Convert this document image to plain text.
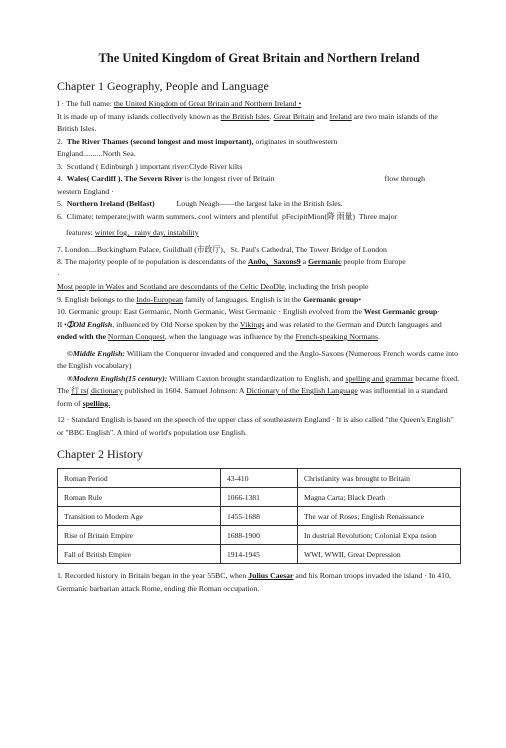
The United Kingdom of Great Britain and Northern Ireland
Chapter 1 Geography, People and Language

I · The full name: the United Kingdom of Great Britain and Northern Ireland •

It is made up of many islands collectively known as the British Isles. Great Britain and Ireland are two main islands of the British Isles.

2. The River Thames (second longest and most important), originates in southwestern
England..........North Sea.

3. Scotland ( Edinburgh ) important river:Clyde River kilts

4. Wales( Cardiff ). The Severn River is the longest river of Britain	flow through
western England ·

5. Northern Ireland (Belfast)	Lough Neagh——the largest lake in the British Isles.

6. Climate: temperate;jwith warm summers, cool winters and plentiful pFecipitMion(降 雨量) Three major

features: winter fog、rainy day, instability

7. London....Buckingham Palace, Guildhall (市政厅)、St. Paul's Cathedral, The Tower Bridge of London

8. The majority people of te population is descendants of the An0o、Saxons9 a Germanic people from Europe
·

Most people in Wales and Scotland are descendants of the Celtic DeoDle, including the Irish people

9. English belongs to the Indo-European family of languages. English is in the Germanic group•

10. Germanic group: East Germanic, North Germanic, West Germanic · English evolved from the West Germanic group·

II •➀Old English, influenced by Old Norse spoken by the Vikings and was related to the German and Dutch languages and ended with the Norman Conquest, when the language was influence by the French-speaking Normans.

©Middle English: William the Conqueror invaded and conquered and the Anglo-Saxons (Numerous French words came into the English vocabulary)

®Modern English(15 century): William Caxton brought standardization to English, and spelling and grammar became fixed. The 行 rs( dictionary published in 1604. Samuel Johnson: A Dictionary of the English Language was influential in a standard form of spelling.

12 · Standard English is based on the speech of the upper class of southeastern England · It is also called "the Queen's English" or "BBC English". A third of world's population use English.

Chapter 2 History
Roman Period	43-410	Christianity was brought to Britain
Roman Rule	1066-1381	Magna Carta; Black Death
Transition to Modern Age	1455-1688	The war of Roses; English Renaissance
Rise of Britain Empire	1688-1900	In dustrial Revolution; Colonial Expa nsion
Fall of British Empire	1914-1945	WWI, WWII, Great Depression

1. Recorded history in Britain began in the year 55BC, when Julius Caesar and his Roman troops invaded the island · In 410, Germanic barbarian attack Rome, ending the Roman occupation.
